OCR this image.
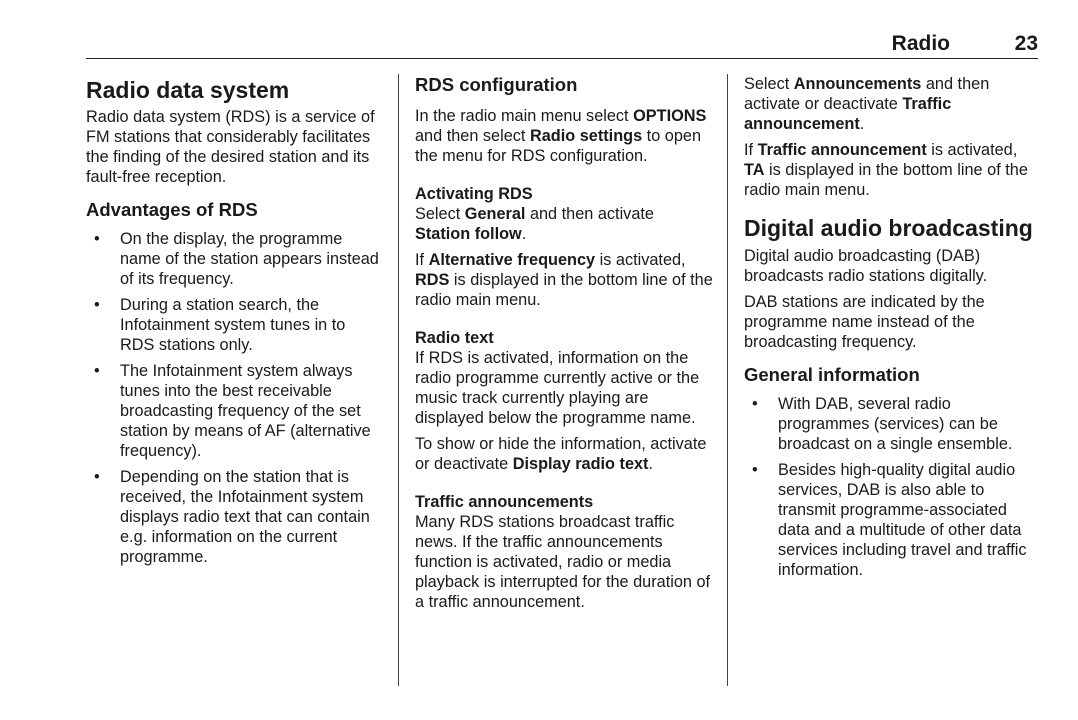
Radio	23
Radio data system

Radio data system (RDS) is a service of FM stations that considerably facilitates the finding of the desired station and its fault-free reception.

Advantages of RDS
• On the display, the programme name of the station appears instead of its frequency.
• During a station search, the Infotainment system tunes in to RDS stations only.
• The Infotainment system always tunes into the best receivable broadcasting frequency of the set station by means of AF (alternative frequency).
• Depending on the station that is received, the Infotainment system displays radio text that can contain e.g. information on the current programme.
RDS configuration

In the radio main menu select OPTIONS and then select Radio settings to open the menu for RDS configuration.

Activating RDS

Select General and then activate Station follow.

If Alternative frequency is activated, RDS is displayed in the bottom line of the radio main menu.

Radio text

If RDS is activated, information on the radio programme currently active or the music track currently playing are displayed below the programme name.

To show or hide the information, activate or deactivate Display radio text.

Traffic announcements

Many RDS stations broadcast traffic news. If the traffic announcements function is activated, radio or media playback is interrupted for the duration of a traffic announcement.

Select Announcements and then activate or deactivate Traffic announcement.

If Traffic announcement is activated, TA is displayed in the bottom line of the radio main menu.

Digital audio broadcasting

Digital audio broadcasting (DAB) broadcasts radio stations digitally.

DAB stations are indicated by the programme name instead of the broadcasting frequency.

General information
• With DAB, several radio programmes (services) can be broadcast on a single ensemble.
• Besides high-quality digital audio services, DAB is also able to transmit programme-associated data and a multitude of other data services including travel and traffic information.
